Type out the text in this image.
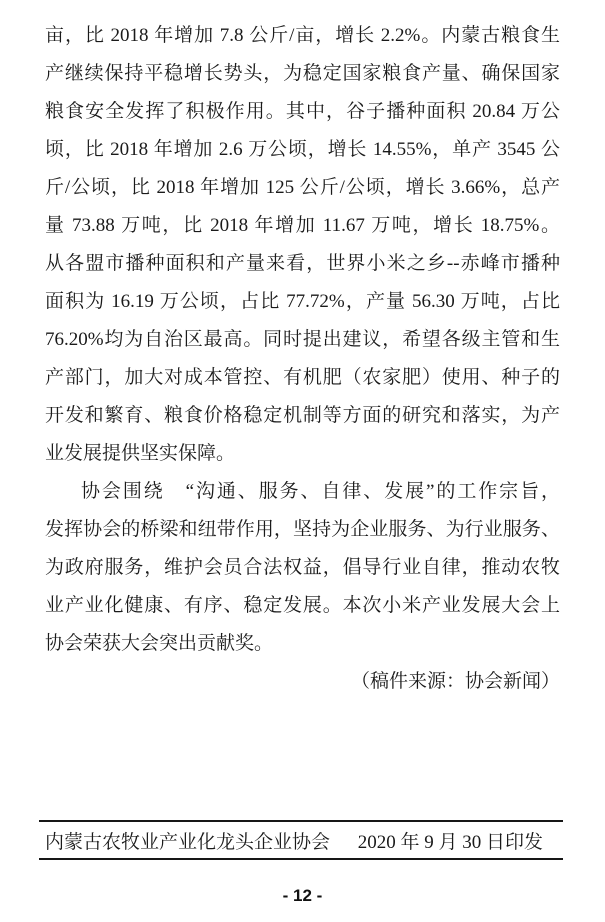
亩，比 2018 年增加 7.8 公斤/亩，增长 2.2%。内蒙古粮食生
产继续保持平稳增长势头，为稳定国家粮食产量、确保国家
粮食安全发挥了积极作用。其中，谷子播种面积 20.84 万公
顷，比 2018 年增加 2.6 万公顷，增长 14.55%，单产 3545 公
斤/公顷，比 2018 年增加 125 公斤/公顷，增长 3.66%，总产
量 73.88 万吨，比 2018 年增加 11.67 万吨，增长 18.75%。
从各盟市播种面积和产量来看，世界小米之乡--赤峰市播种
面积为 16.19 万公顷，占比 77.72%，产量 56.30 万吨，占比
76.20%均为自治区最高。同时提出建议，希望各级主管和生
产部门，加大对成本管控、有机肥（农家肥）使用、种子的
开发和繁育、粮食价格稳定机制等方面的研究和落实，为产
业发展提供坚实保障。
协会围绕　“沟通、服务、自律、发展”的工作宗旨，
发挥协会的桥梁和纽带作用，坚持为企业服务、为行业服务、
为政府服务，维护会员合法权益，倡导行业自律，推动农牧
业产业化健康、有序、稳定发展。本次小米产业发展大会上
协会荣获大会突出贡献奖。
（稿件来源：协会新闻）
内蒙古农牧业产业化龙头企业协会 2020 年 9 月 30 日印发
- 12 -
